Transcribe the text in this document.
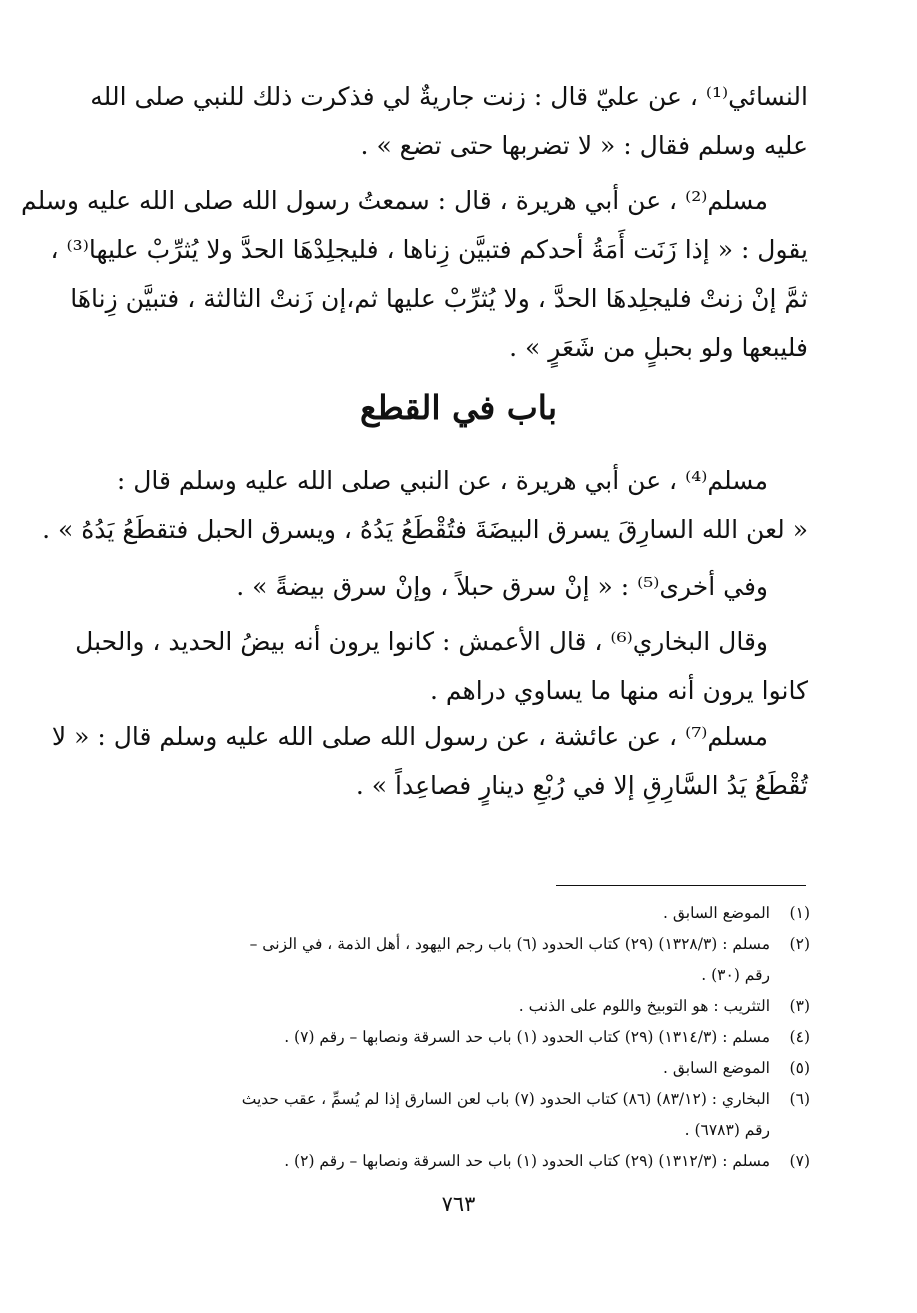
النسائي⁽¹⁾ ، عن عليّ قال : زنت جاريةٌ لي فذكرت ذلك للنبي صلى الله
عليه وسلم فقال : « لا تضربها حتى تضع » .
مسلم⁽²⁾ ، عن أبي هريرة ، قال : سمعتُ رسول الله صلى الله عليه وسلم
يقول : « إذا زَنَت أَمَةُ أحدكم فتبيَّن زِناها ، فليجلِدْهَا الحدَّ ولا يُثرِّبْ عليها⁽³⁾ ،
ثمَّ إنْ زنتْ فليجلِدهَا الحدَّ ، ولا يُثرِّبْ عليها ثم،إن زَنتْ الثالثة ، فتبيَّن زِناهَا
فليبعها ولو بحبلٍ من شَعَرٍ » .
باب في القطع
مسلم⁽⁴⁾ ، عن أبي هريرة ، عن النبي صلى الله عليه وسلم قال :
« لعن الله السارِقَ يسرق البيضَةَ فتُقْطَعُ يَدُهُ ، ويسرق الحبل فتقطَعُ يَدُهُ » .
وفي أخرى⁽⁵⁾ : « إنْ سرق حبلاً ، وإنْ سرق بيضةً » .
وقال البخاري⁽⁶⁾ ، قال الأعمش : كانوا يرون أنه بيضُ الحديد ، والحبل
كانوا يرون أنه منها ما يساوي دراهم .
مسلم⁽⁷⁾ ، عن عائشة ، عن رسول الله صلى الله عليه وسلم قال : « لا
تُقْطَعُ يَدُ السَّارِقِ إلا في رُبْعِ دينارٍ فصاعِداً » .
(١)
الموضع السابق .
(٢)
مسلم : (١٣٢٨/٣) (٢٩) كتاب الحدود (٦) باب رجم اليهود ، أهل الذمة ، في الزنى –
رقم (٣٠) .
(٣)
التثريب : هو التوبيخ واللوم على الذنب .
(٤)
مسلم : (١٣١٤/٣) (٢٩) كتاب الحدود (١) باب حد السرقة ونصابها – رقم (٧) .
(٥)
الموضع السابق .
(٦)
البخاري : (٨٣/١٢) (٨٦) كتاب الحدود (٧) باب لعن السارق إذا لم يُسمِّ ، عقب حديث
رقم (٦٧٨٣) .
(٧)
مسلم : (١٣١٢/٣) (٢٩) كتاب الحدود (١) باب حد السرقة ونصابها – رقم (٢) .
٧٦٣
